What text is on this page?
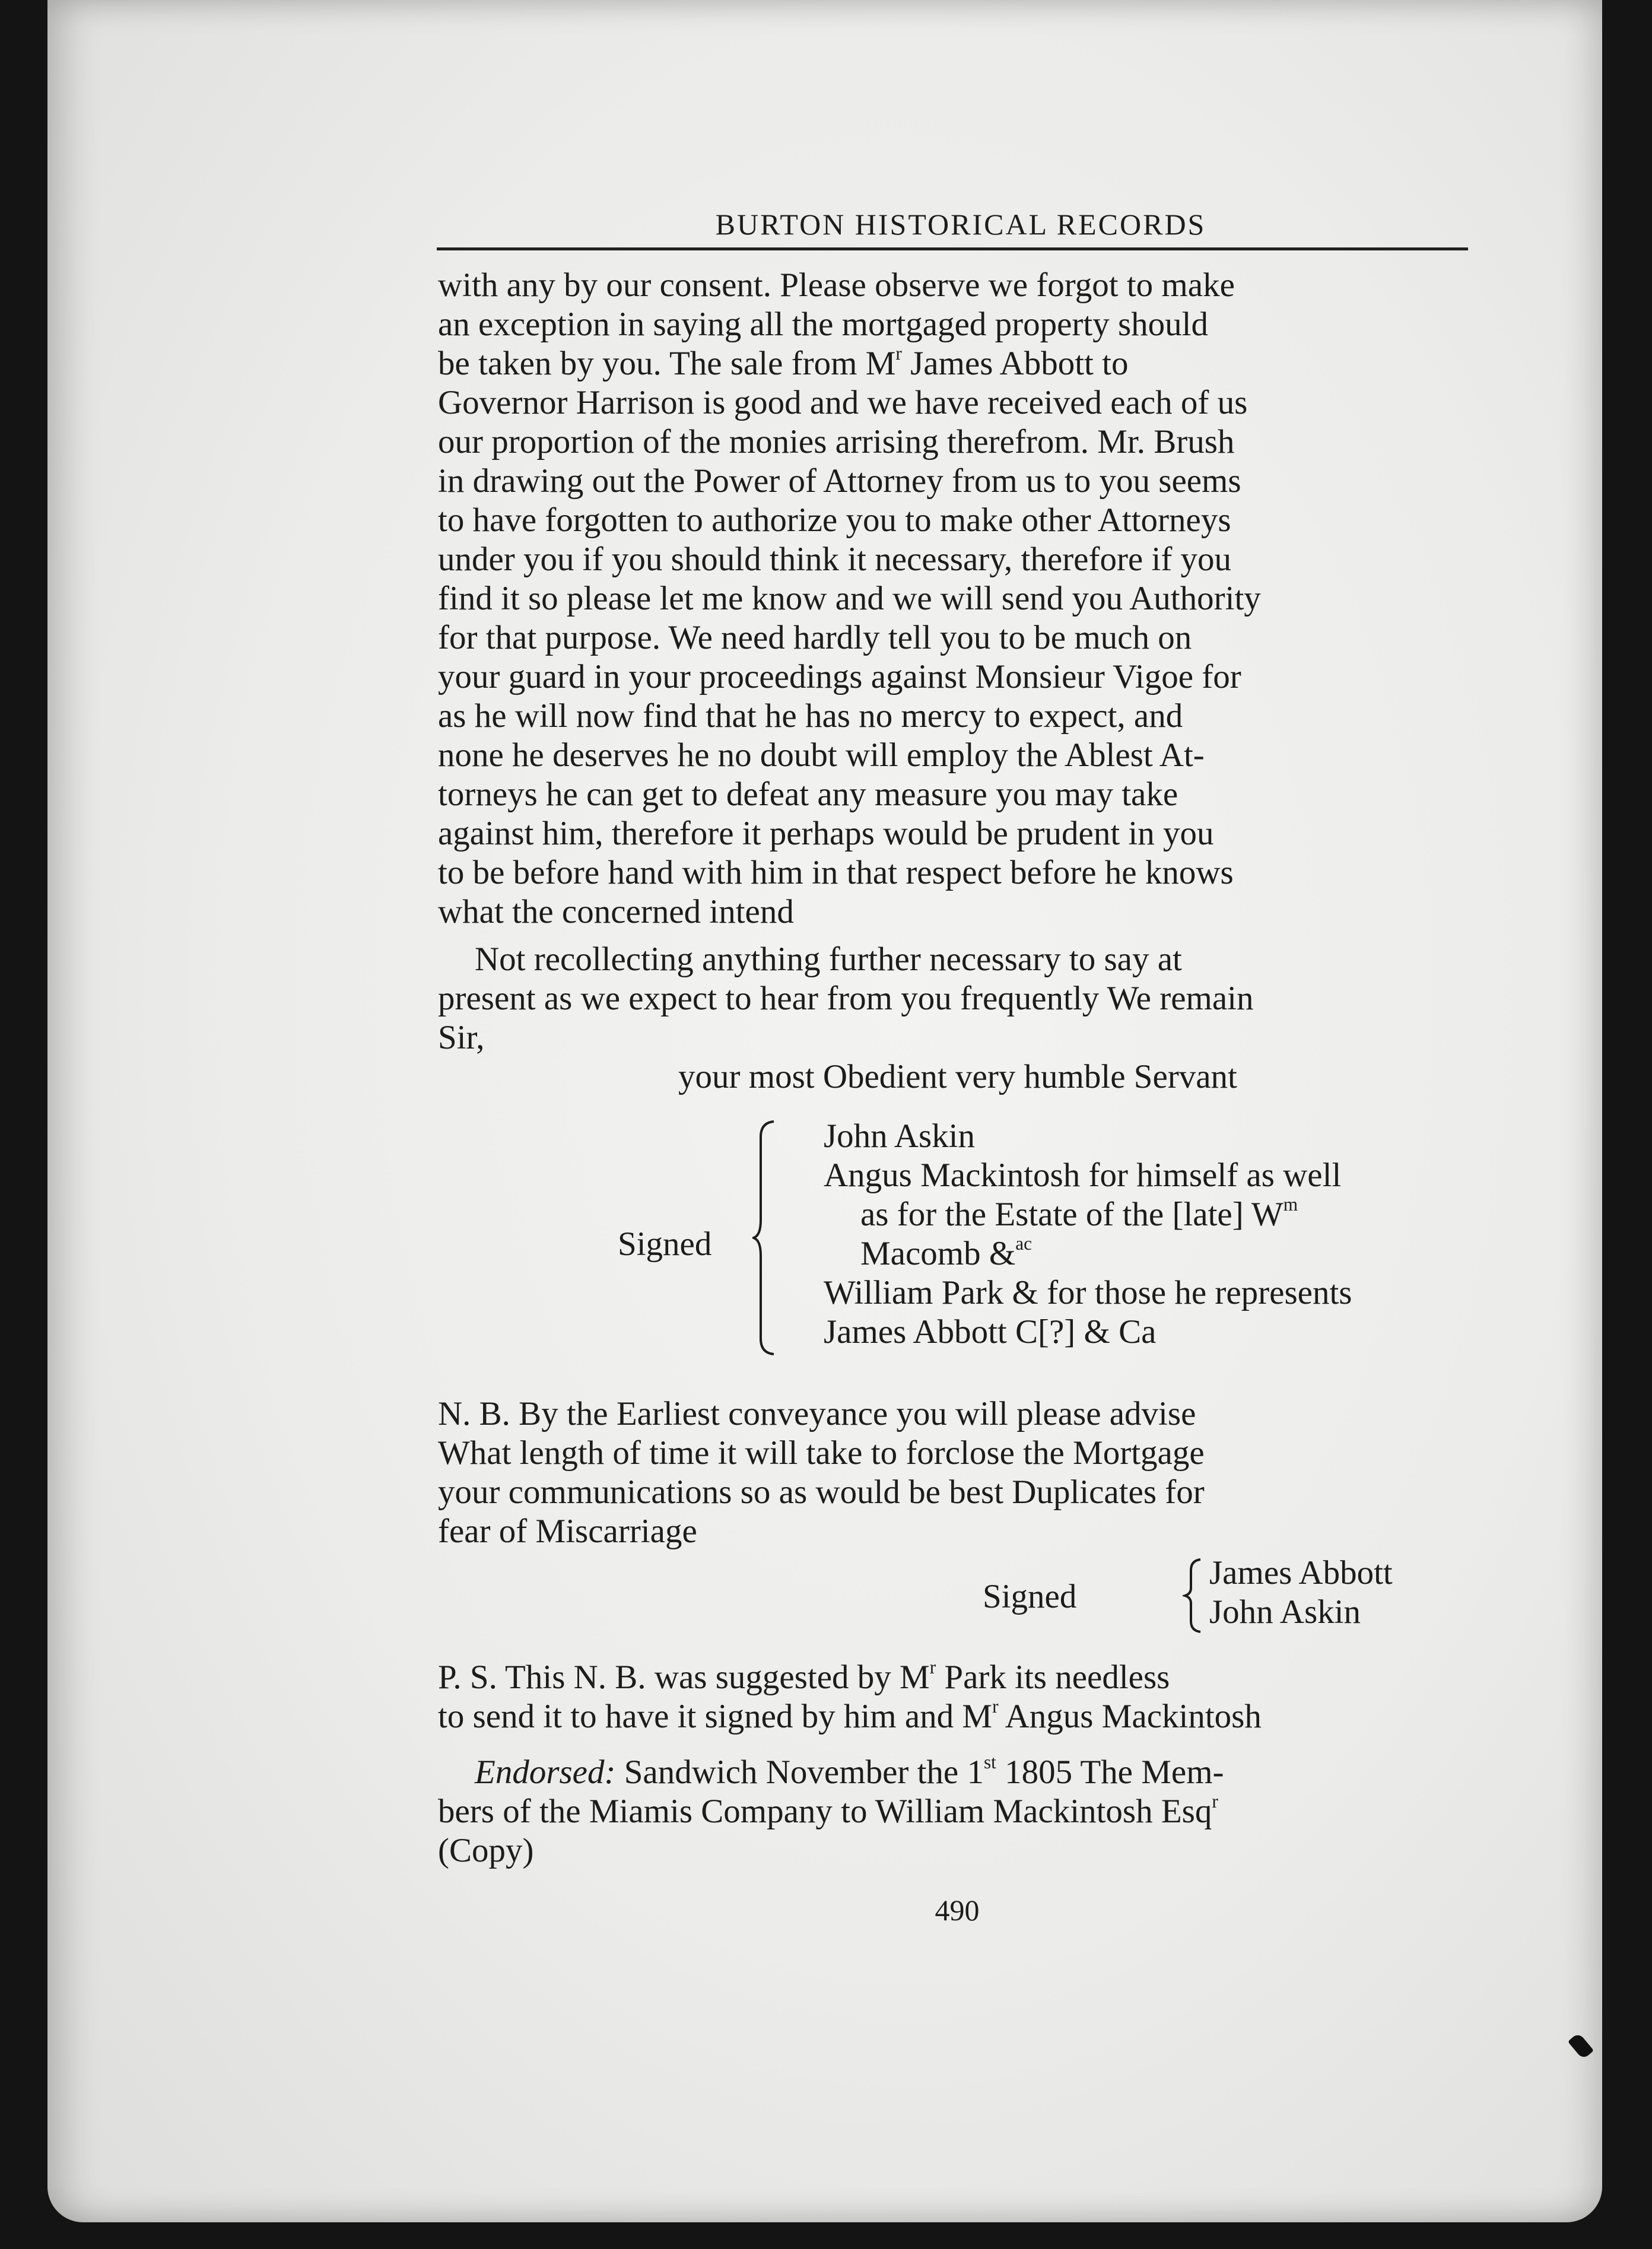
BURTON HISTORICAL RECORDS

with any by our consent. Please observe we forgot to make

an exception in saying all the mortgaged property should

be taken by you. The sale from $M^r$ James Abbott to

Governor Harrison is good and we have received each of us

our proportion of the monies arrising therefrom. Mr. Brush

in drawing out the Power of Attorney from us to you seems

to have forgotten to authorize you to make other Attorneys

under you if you should think it necessary, therefore if you

find it so please let me know and we will send you Authority

for that purpose. We need hardly tell you to be much on

your guard in your proceedings against Monsieur Vigoe for

as he will now find that he has no mercy to expect, and

none he deserves he no doubt will employ the Ablest At-

torneys he can get to defeat any measure you may take

against him, therefore it perhaps would be prudent in you

to be before hand with him in that respect before he knows

what the concerned intend

Not recollecting anything further necessary to say at

present as we expect to hear from you frequently We remain

Sir,

your most Obedient very humble Servant

Signed

John Askin

Angus Mackintosh for himself as well

as for the Estate of the [late] $W^m$

Macomb &$^{ac}$

William Park & for those he represents

James Abbott C[?] & Ca

N. B. By the Earliest conveyance you will please advise

What length of time it will take to forclose the Mortgage

your communications so as would be best Duplicates for

fear of Miscarriage

Signed

James Abbott

John Askin

P. S. This N. B. was suggested by $M^r$ Park its needless

to send it to have it signed by him and $M^r$ Angus Mackintosh

Endorsed: Sandwich November the 1st 1805 The Mem-

bers of the Miamis Company to William Mackintosh Esq$^r$

(Copy)

490
